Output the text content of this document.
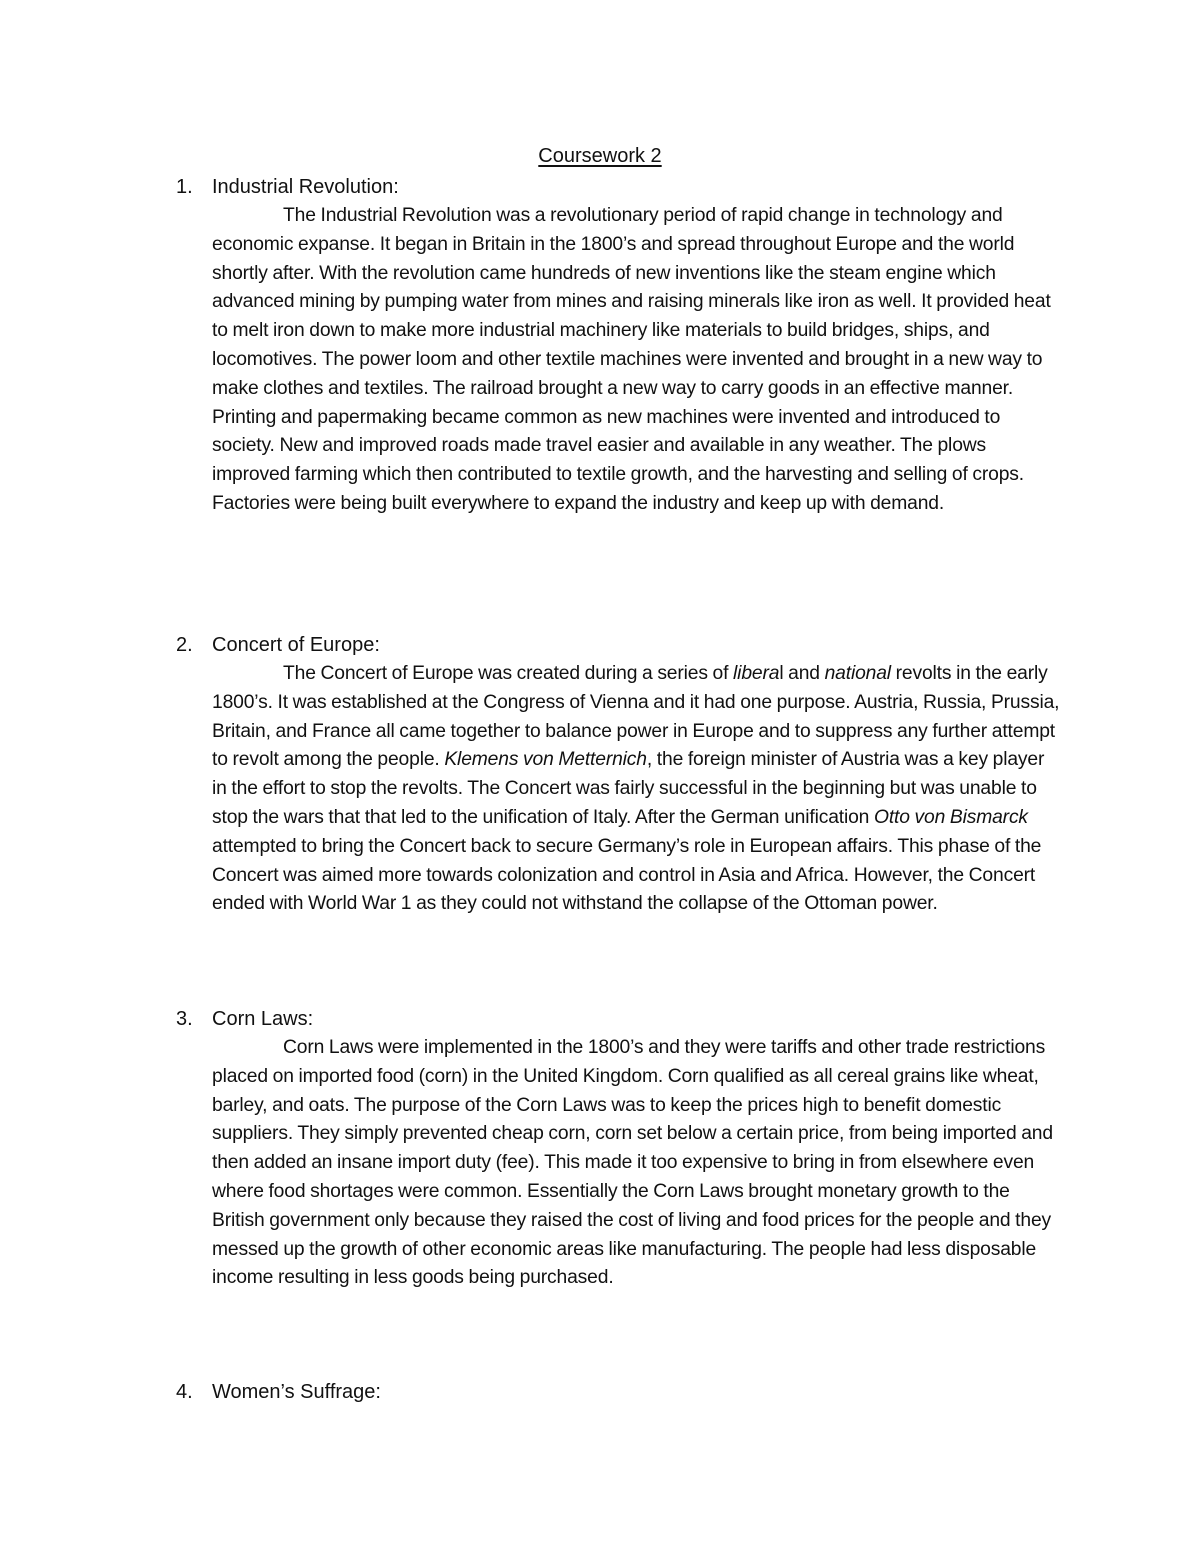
Coursework 2
1. Industrial Revolution:
The Industrial Revolution was a revolutionary period of rapid change in technology and economic expanse. It began in Britain in the 1800’s and spread throughout Europe and the world shortly after. With the revolution came hundreds of new inventions like the steam engine which advanced mining by pumping water from mines and raising minerals like iron as well. It provided heat to melt iron down to make more industrial machinery like materials to build bridges, ships, and locomotives. The power loom and other textile machines were invented and brought in a new way to make clothes and textiles. The railroad brought a new way to carry goods in an effective manner. Printing and papermaking became common as new machines were invented and introduced to society. New and improved roads made travel easier and available in any weather. The plows improved farming which then contributed to textile growth, and the harvesting and selling of crops. Factories were being built everywhere to expand the industry and keep up with demand.
2. Concert of Europe:
The Concert of Europe was created during a series of liberal and national revolts in the early 1800’s. It was established at the Congress of Vienna and it had one purpose. Austria, Russia, Prussia, Britain, and France all came together to balance power in Europe and to suppress any further attempt to revolt among the people. Klemens von Metternich, the foreign minister of Austria was a key player in the effort to stop the revolts. The Concert was fairly successful in the beginning but was unable to stop the wars that that led to the unification of Italy. After the German unification Otto von Bismarck attempted to bring the Concert back to secure Germany’s role in European affairs. This phase of the Concert was aimed more towards colonization and control in Asia and Africa. However, the Concert ended with World War 1 as they could not withstand the collapse of the Ottoman power.
3. Corn Laws:
Corn Laws were implemented in the 1800’s and they were tariffs and other trade restrictions placed on imported food (corn) in the United Kingdom. Corn qualified as all cereal grains like wheat, barley, and oats. The purpose of the Corn Laws was to keep the prices high to benefit domestic suppliers. They simply prevented cheap corn, corn set below a certain price, from being imported and then added an insane import duty (fee). This made it too expensive to bring in from elsewhere even where food shortages were common. Essentially the Corn Laws brought monetary growth to the British government only because they raised the cost of living and food prices for the people and they messed up the growth of other economic areas like manufacturing. The people had less disposable income resulting in less goods being purchased.
4. Women’s Suffrage:
